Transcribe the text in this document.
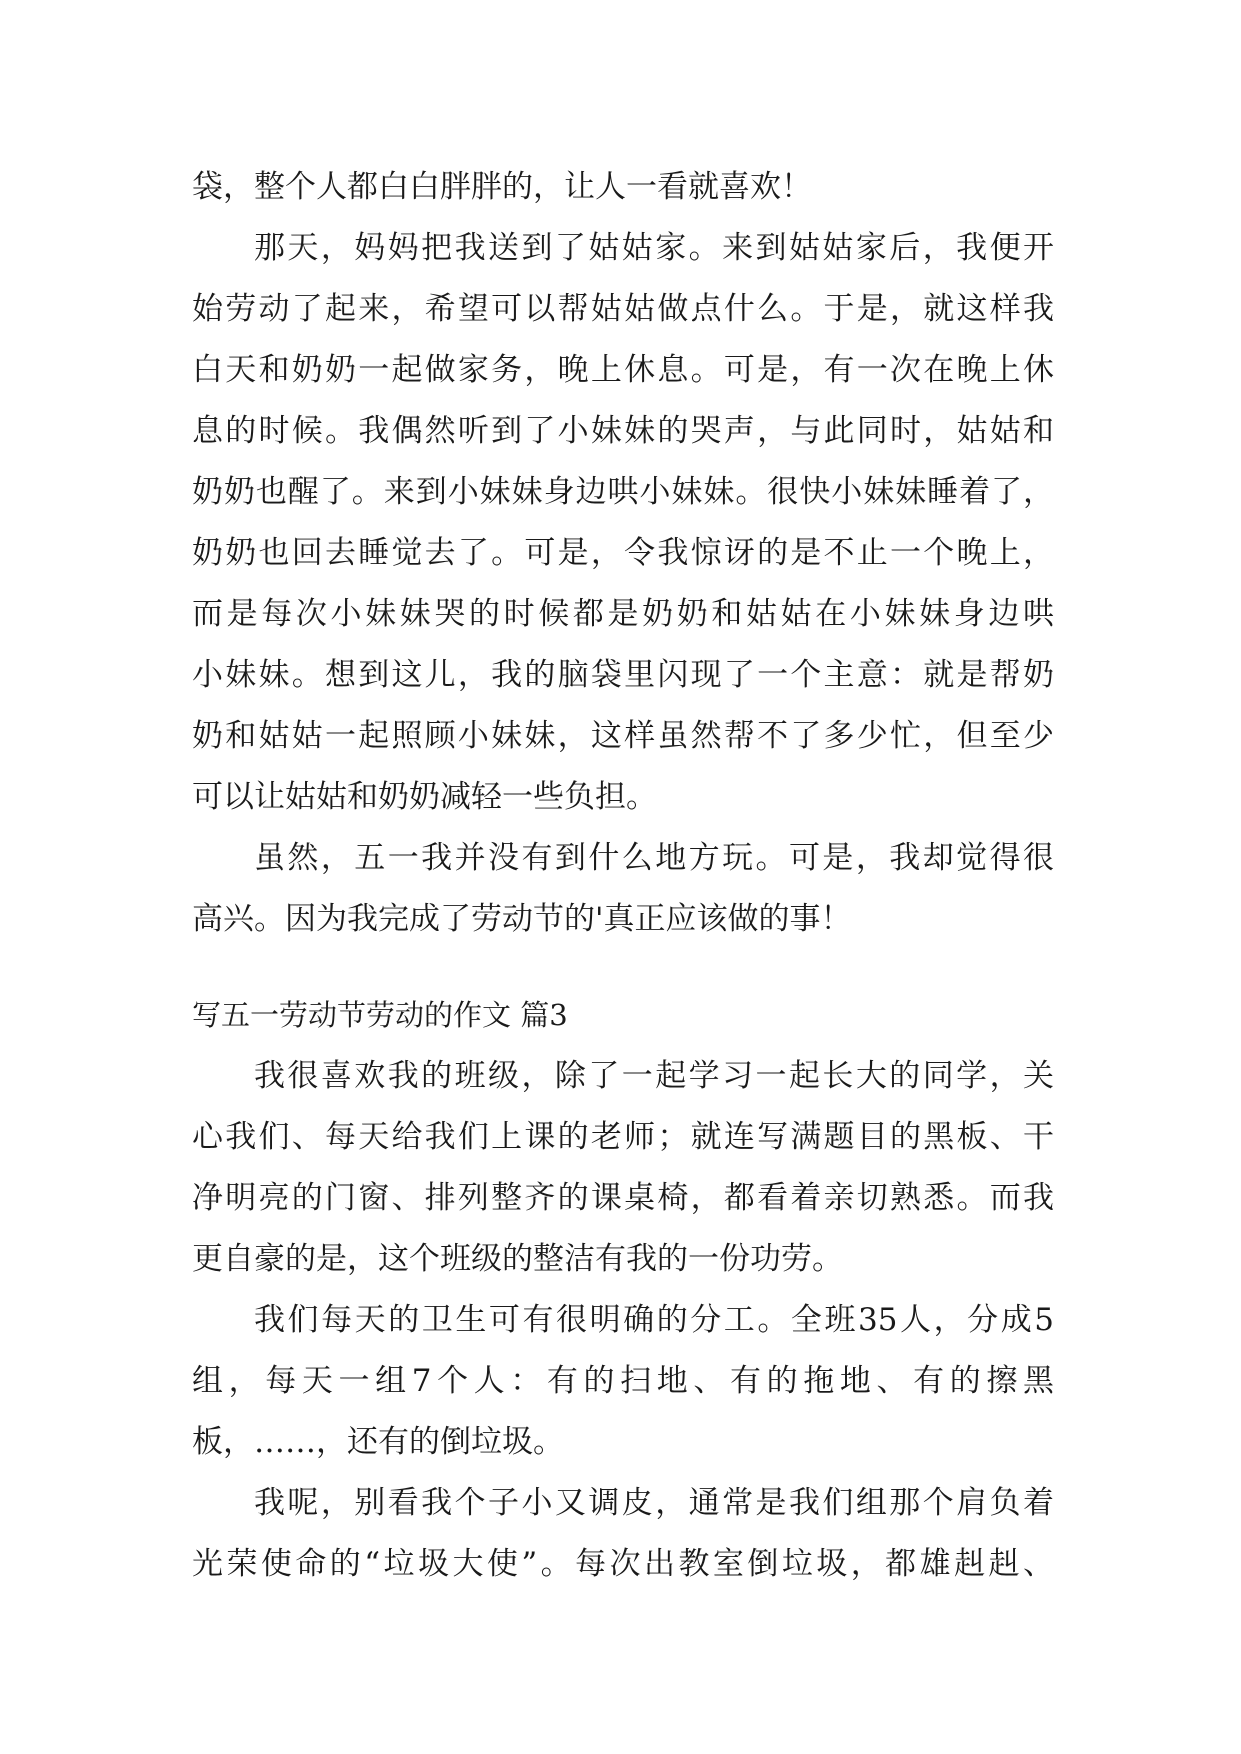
袋，整个人都白白胖胖的，让人一看就喜欢！
那天，妈妈把我送到了姑姑家。来到姑姑家后，我便开
始劳动了起来，希望可以帮姑姑做点什么。于是，就这样我
白天和奶奶一起做家务，晚上休息。可是，有一次在晚上休
息的时候。我偶然听到了小妹妹的哭声，与此同时，姑姑和
奶奶也醒了。来到小妹妹身边哄小妹妹。很快小妹妹睡着了，
奶奶也回去睡觉去了。可是，令我惊讶的是不止一个晚上，
而是每次小妹妹哭的时候都是奶奶和姑姑在小妹妹身边哄
小妹妹。想到这儿，我的脑袋里闪现了一个主意：就是帮奶
奶和姑姑一起照顾小妹妹，这样虽然帮不了多少忙，但至少
可以让姑姑和奶奶减轻一些负担。
虽然，五一我并没有到什么地方玩。可是，我却觉得很
高兴。因为我完成了劳动节的'真正应该做的事！
写五一劳动节劳动的作文 篇3
我很喜欢我的班级，除了一起学习一起长大的同学，关
心我们、每天给我们上课的老师；就连写满题目的黑板、干
净明亮的门窗、排列整齐的课桌椅，都看着亲切熟悉。而我
更自豪的是，这个班级的整洁有我的一份功劳。
我们每天的卫生可有很明确的分工。全班35人，分成5
组，每天一组7个人：有的扫地、有的拖地、有的擦黑
板，……，还有的倒垃圾。
我呢，别看我个子小又调皮，通常是我们组那个肩负着
光荣使命的“垃圾大使”。每次出教室倒垃圾，都雄赳赳、
